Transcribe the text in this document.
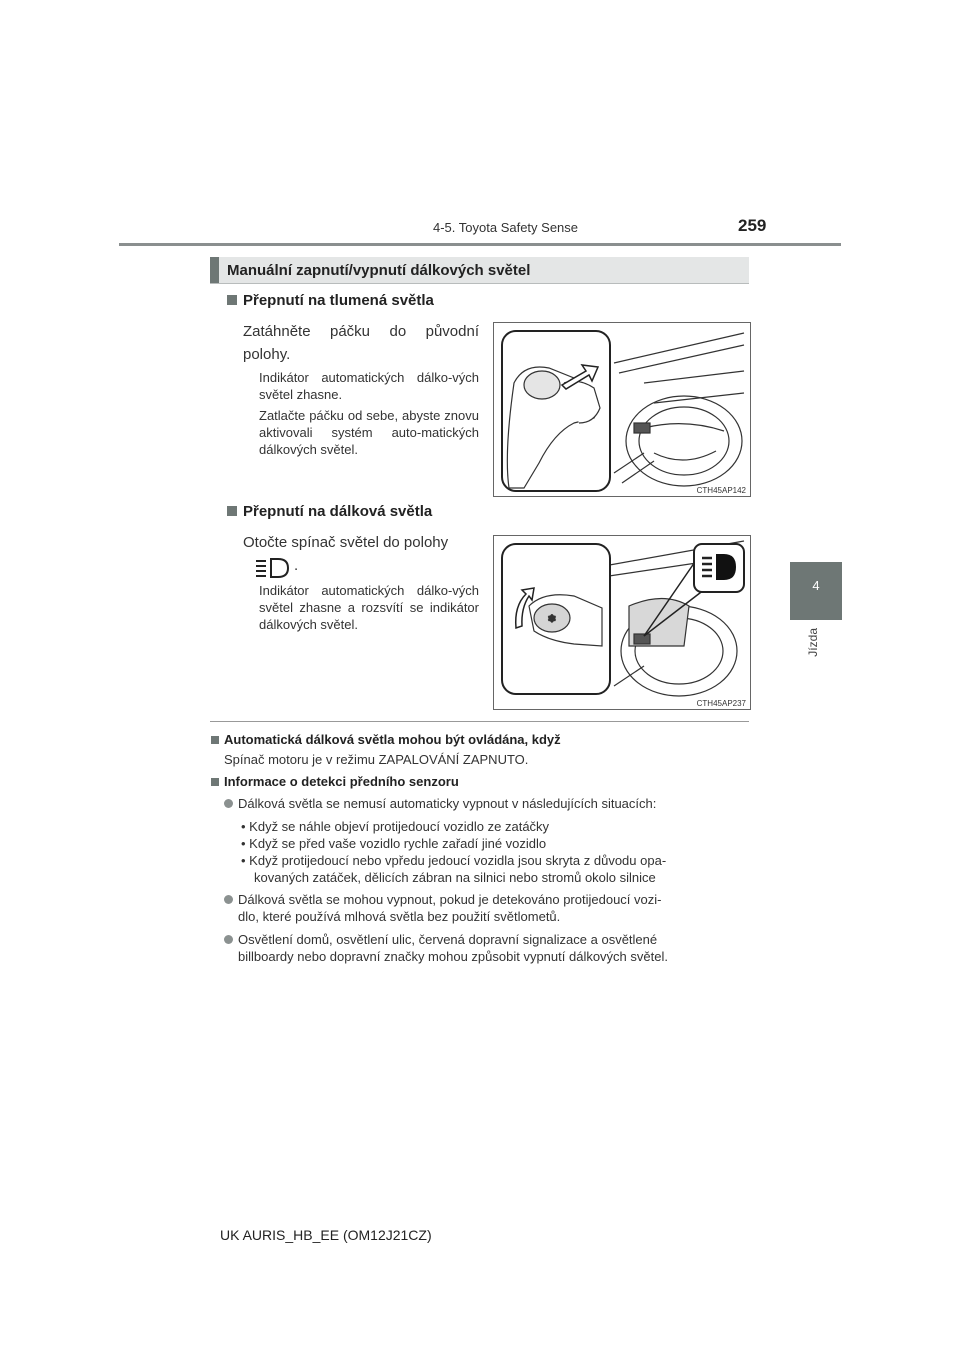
4-5. Toyota Safety Sense	259
4
Jízda
Manuální zapnutí/vypnutí dálkových světel
Přepnutí na tlumená světla
Zatáhněte páčku do původní polohy.
Indikátor automatických dálko-vých světel zhasne.
Zatlačte páčku od sebe, abyste znovu aktivovali systém auto-matických dálkových světel.
CTH45AP142
Přepnutí na dálková světla
Otočte spínač světel do polohy
.
Indikátor automatických dálko-vých světel zhasne a rozsvítí se indikátor dálkových světel.	❄
CTH45AP237
Automatická dálková světla mohou být ovládána, když
Spínač motoru je v režimu ZAPALOVÁNÍ ZAPNUTO.
Informace o detekci předního senzoru
Dálková světla se nemusí automaticky vypnout v následujících situacích:
• Když se náhle objeví protijedoucí vozidlo ze zatáčky
• Když se před vaše vozidlo rychle zařadí jiné vozidlo
• Když protijedoucí nebo vpředu jedoucí vozidla jsou skryta z důvodu opa-
kovaných zatáček, dělicích zábran na silnici nebo stromů okolo silnice
Dálková světla se mohou vypnout, pokud je detekováno protijedoucí vozi-
dlo, které používá mlhová světla bez použití světlometů.
Osvětlení domů, osvětlení ulic, červená dopravní signalizace a osvětlené
billboardy nebo dopravní značky mohou způsobit vypnutí dálkových světel.
UK AURIS_HB_EE (OM12J21CZ)
